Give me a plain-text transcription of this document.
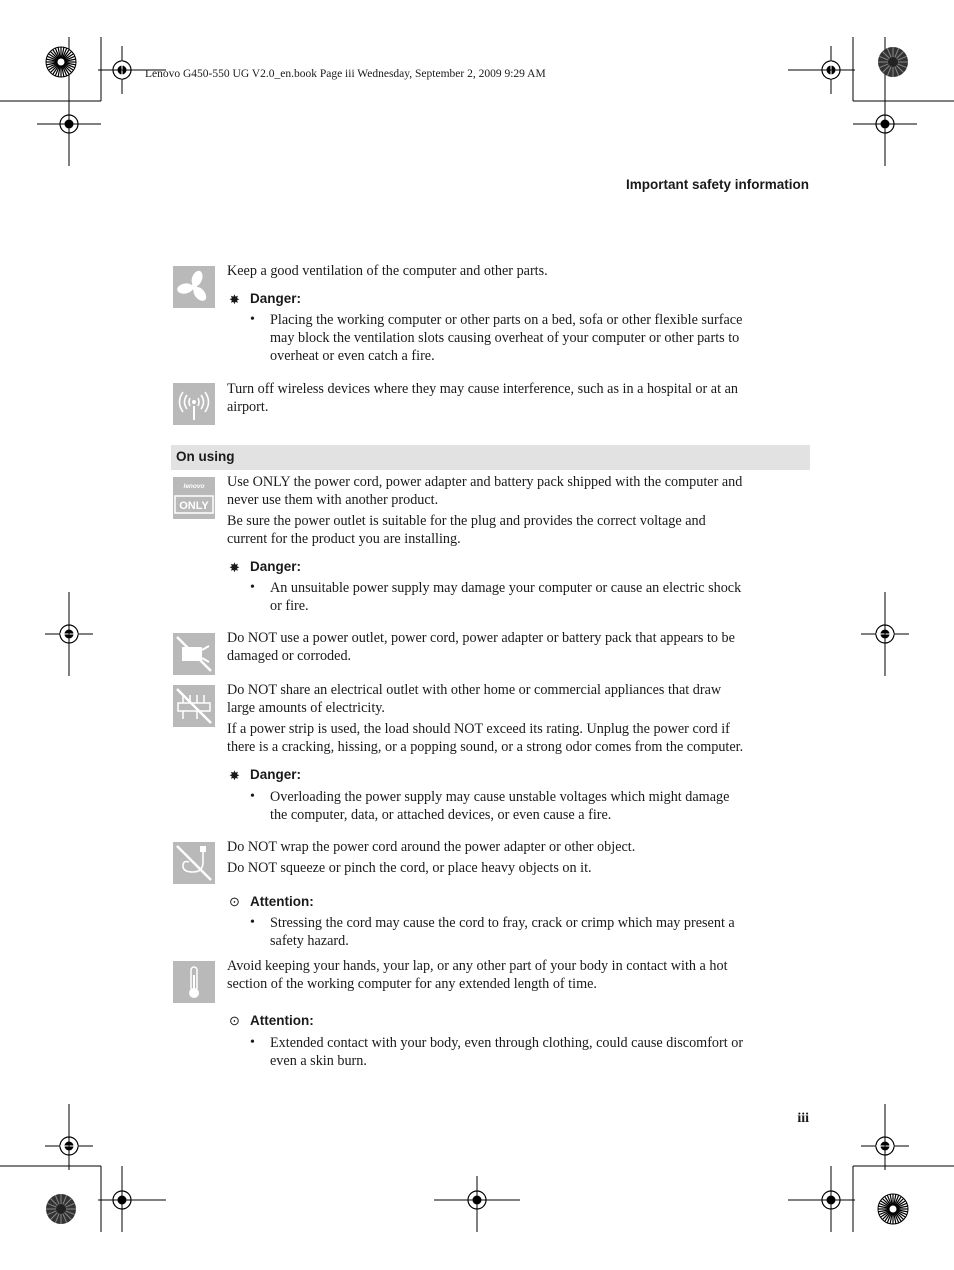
Lenovo G450-550 UG V2.0_en.book Page iii Wednesday, September 2, 2009 9:29 AM
Important safety information
Keep a good ventilation of the computer and other parts.
✸ Danger:
• Placing the working computer or other parts on a bed, sofa or other flexible surface
may block the ventilation slots causing overheat of your computer or other parts to
overheat or even catch a fire.
Turn off wireless devices where they may cause interference, such as in a hospital or at an
airport.
On using
lenovo
ONLY
Use ONLY the power cord, power adapter and battery pack shipped with the computer and
never use them with another product.
Be sure the power outlet is suitable for the plug and provides the correct voltage and
current for the product you are installing.
✸ Danger:
• An unsuitable power supply may damage your computer or cause an electric shock
or fire.
Do NOT use a power outlet, power cord, power adapter or battery pack that appears to be
damaged or corroded.
Do NOT share an electrical outlet with other home or commercial appliances that draw
large amounts of electricity.
If a power strip is used, the load should NOT exceed its rating. Unplug the power cord if
there is a cracking, hissing, or a popping sound, or a strong odor comes from the computer.
✸ Danger:
• Overloading the power supply may cause unstable voltages which might damage
the computer, data, or attached devices, or even cause a fire.
Do NOT wrap the power cord around the power adapter or other object.
Do NOT squeeze or pinch the cord, or place heavy objects on it.
⊙ Attention:
• Stressing the cord may cause the cord to fray, crack or crimp which may present a
safety hazard.
Avoid keeping your hands, your lap, or any other part of your body in contact with a hot
section of the working computer for any extended length of time.
⊙ Attention:
• Extended contact with your body, even through clothing, could cause discomfort or
even a skin burn.
iii
